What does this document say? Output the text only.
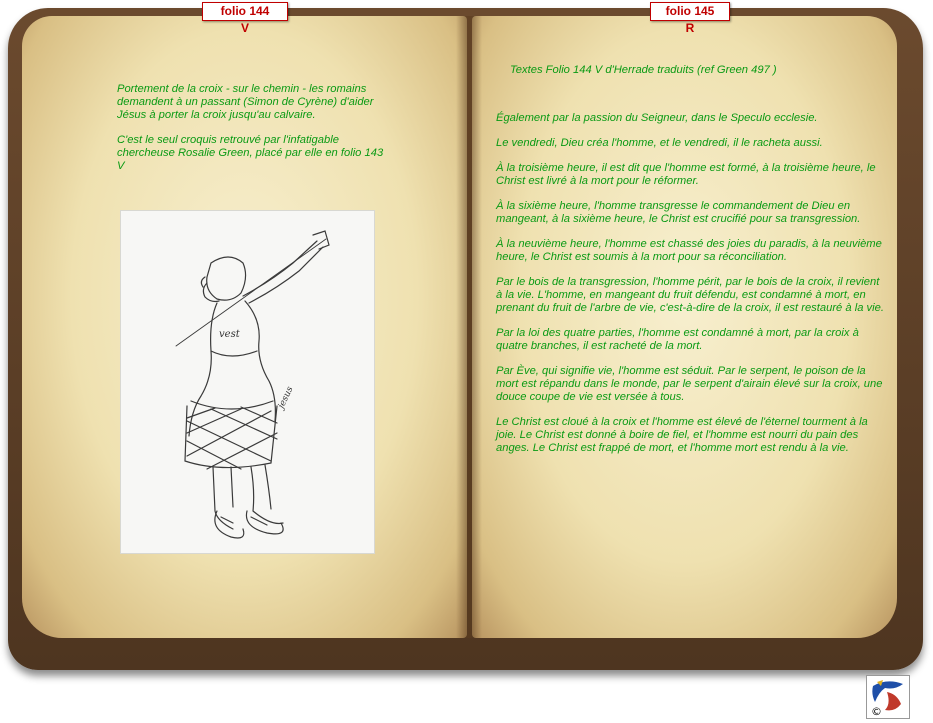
folio 144 V
folio 145 R

Portement de la croix - sur le chemin - les romains demandent à un passant (Simon de Cyrène) d'aider Jésus à porter la croix jusqu'au calvaire.

C'est le seul croquis retrouvé par l'infatigable chercheuse Rosalie Green, placé par elle en folio 143 V

vest
jesus
Textes Folio 144 V d'Herrade traduits (ref Green 497 )

Également par la passion du Seigneur, dans le Speculo ecclesie.

Le vendredi, Dieu créa l'homme, et le vendredi, il le racheta aussi.

À la troisième heure, il est dit que l'homme est formé, à la troisième heure, le Christ est livré à la mort pour le réformer.

À la sixième heure, l'homme transgresse le commandement de Dieu en mangeant, à la sixième heure, le Christ est crucifié pour sa transgression.

À la neuvième heure, l'homme est chassé des joies du paradis, à la neuvième heure, le Christ est soumis à la mort pour sa réconciliation.

Par le bois de la transgression, l'homme périt, par le bois de la croix, il revient à la vie. L'homme, en mangeant du fruit défendu, est condamné à mort, en prenant du fruit de l'arbre de vie, c'est-à-dire de la croix, il est restauré à la vie.

Par la loi des quatre parties, l'homme est condamné à mort, par la croix à quatre branches, il est racheté de la mort.

Par Ève, qui signifie vie, l'homme est séduit. Par le serpent, le poison de la mort est répandu dans le monde, par le serpent d'airain élevé sur la croix, une douce coupe de vie est versée à tous.

Le Christ est cloué à la croix et l'homme est élevé de l'éternel tourment à la joie. Le Christ est donné à boire de fiel, et l'homme est nourri du pain des anges. Le Christ est frappé de mort, et l'homme mort est rendu à la vie.

©
